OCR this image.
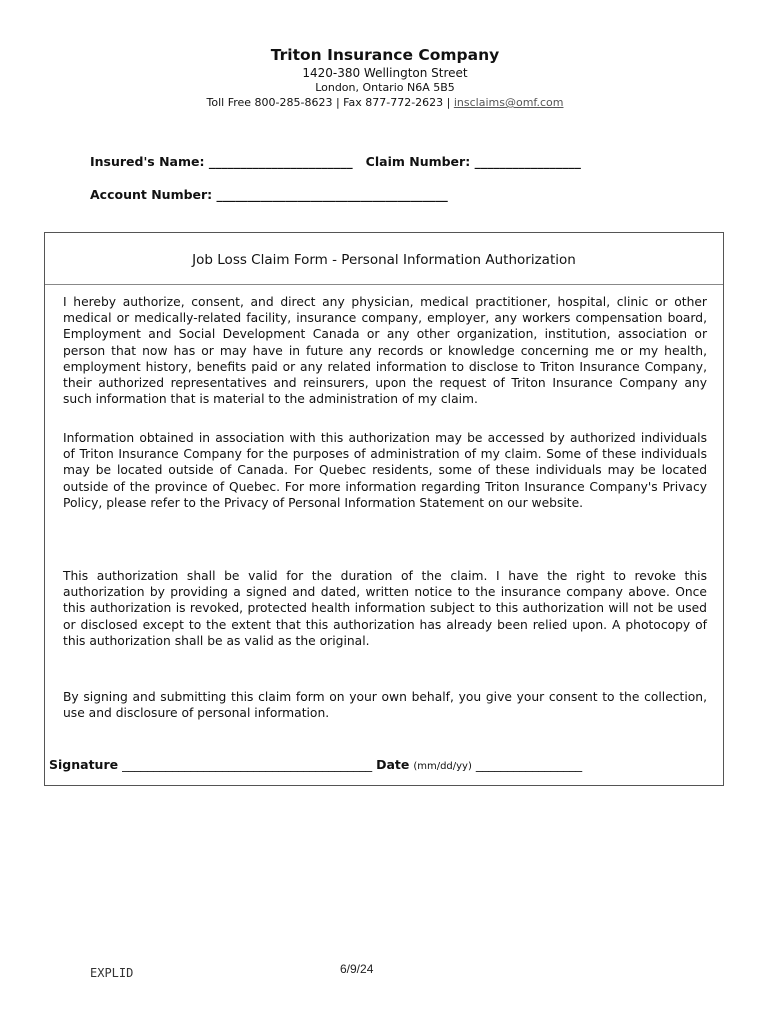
Triton Insurance Company
1420-380 Wellington Street
London, Ontario N6A 5B5
Toll Free 800-285-8623 | Fax 877-772-2623 | insclaims@omf.com
Insured's Name: _______________________ Claim Number: _________________
Account Number: _____________________________________
Job Loss Claim Form - Personal Information Authorization

I hereby authorize, consent, and direct any physician, medical practitioner, hospital, clinic or other medical or medically-related facility, insurance company, employer, any workers compensation board, Employment and Social Development Canada or any other organization, institution, association or person that now has or may have in future any records or knowledge concerning me or my health, employment history, benefits paid or any related information to disclose to Triton Insurance Company, their authorized representatives and reinsurers, upon the request of Triton Insurance Company any such information that is material to the administration of my claim.

Information obtained in association with this authorization may be accessed by authorized individuals of Triton Insurance Company for the purposes of administration of my claim. Some of these individuals may be located outside of Canada. For Quebec residents, some of these individuals may be located outside of the province of Quebec. For more information regarding Triton Insurance Company's Privacy Policy, please refer to the Privacy of Personal Information Statement on our website.

This authorization shall be valid for the duration of the claim. I have the right to revoke this authorization by providing a signed and dated, written notice to the insurance company above. Once this authorization is revoked, protected health information subject to this authorization will not be used or disclosed except to the extent that this authorization has already been relied upon. A photocopy of this authorization shall be as valid as the original.

By signing and submitting this claim form on your own behalf, you give your consent to the collection, use and disclosure of personal information.

Signature ________________________________________ Date (mm/dd/yy) _________________
EXPLID	6/9/24
